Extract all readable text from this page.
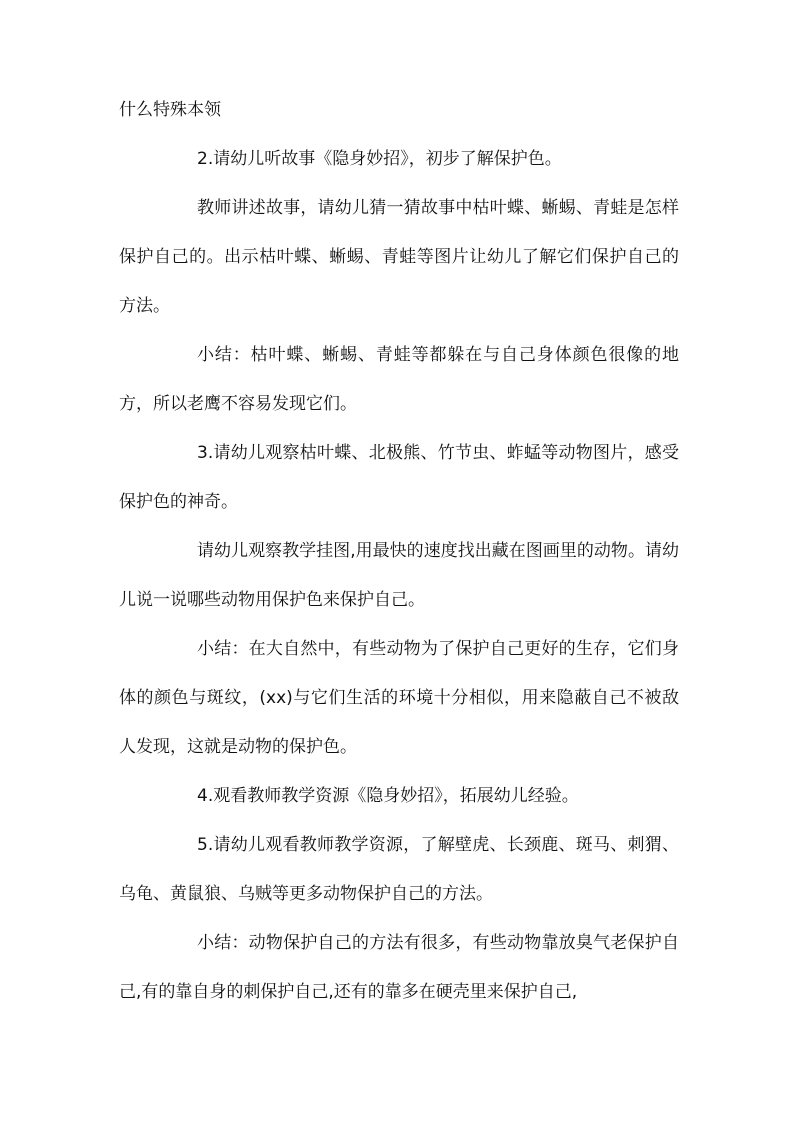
什么特殊本领

2.请幼儿听故事《隐身妙招》，初步了解保护色。

教师讲述故事，请幼儿猜一猜故事中枯叶蝶、蜥蜴、青蛙是怎样保护自己的。出示枯叶蝶、蜥蜴、青蛙等图片让幼儿了解它们保护自己的方法。

小结：枯叶蝶、蜥蜴、青蛙等都躲在与自己身体颜色很像的地方，所以老鹰不容易发现它们。

3.请幼儿观察枯叶蝶、北极熊、竹节虫、蚱蜢等动物图片，感受保护色的神奇。

请幼儿观察教学挂图,用最快的速度找出藏在图画里的动物。请幼儿说一说哪些动物用保护色来保护自己。

小结：在大自然中，有些动物为了保护自己更好的生存，它们身体的颜色与斑纹，(xx)与它们生活的环境十分相似，用来隐蔽自己不被敌人发现，这就是动物的保护色。

4.观看教师教学资源《隐身妙招》，拓展幼儿经验。

5.请幼儿观看教师教学资源，了解壁虎、长颈鹿、斑马、刺猬、乌龟、黄鼠狼、乌贼等更多动物保护自己的方法。

小结：动物保护自己的方法有很多，有些动物靠放臭气老保护自己,有的靠自身的刺保护自己,还有的靠多在硬壳里来保护自己,
